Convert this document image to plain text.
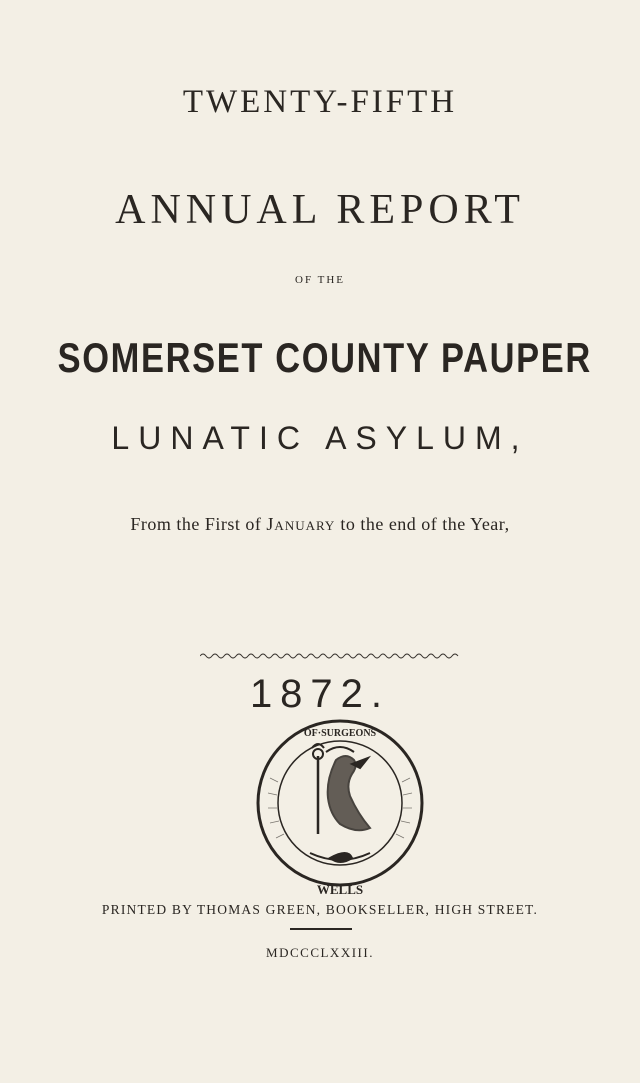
TWENTY-FIFTH
ANNUAL REPORT
OF THE
SOMERSET COUNTY PAUPER
LUNATIC ASYLUM,
From the First of January to the end of the Year,
1872.
OF·SURGEONS
WELLS
PRINTED BY THOMAS GREEN, BOOKSELLER, HIGH STREET.
MDCCCLXXIII.
